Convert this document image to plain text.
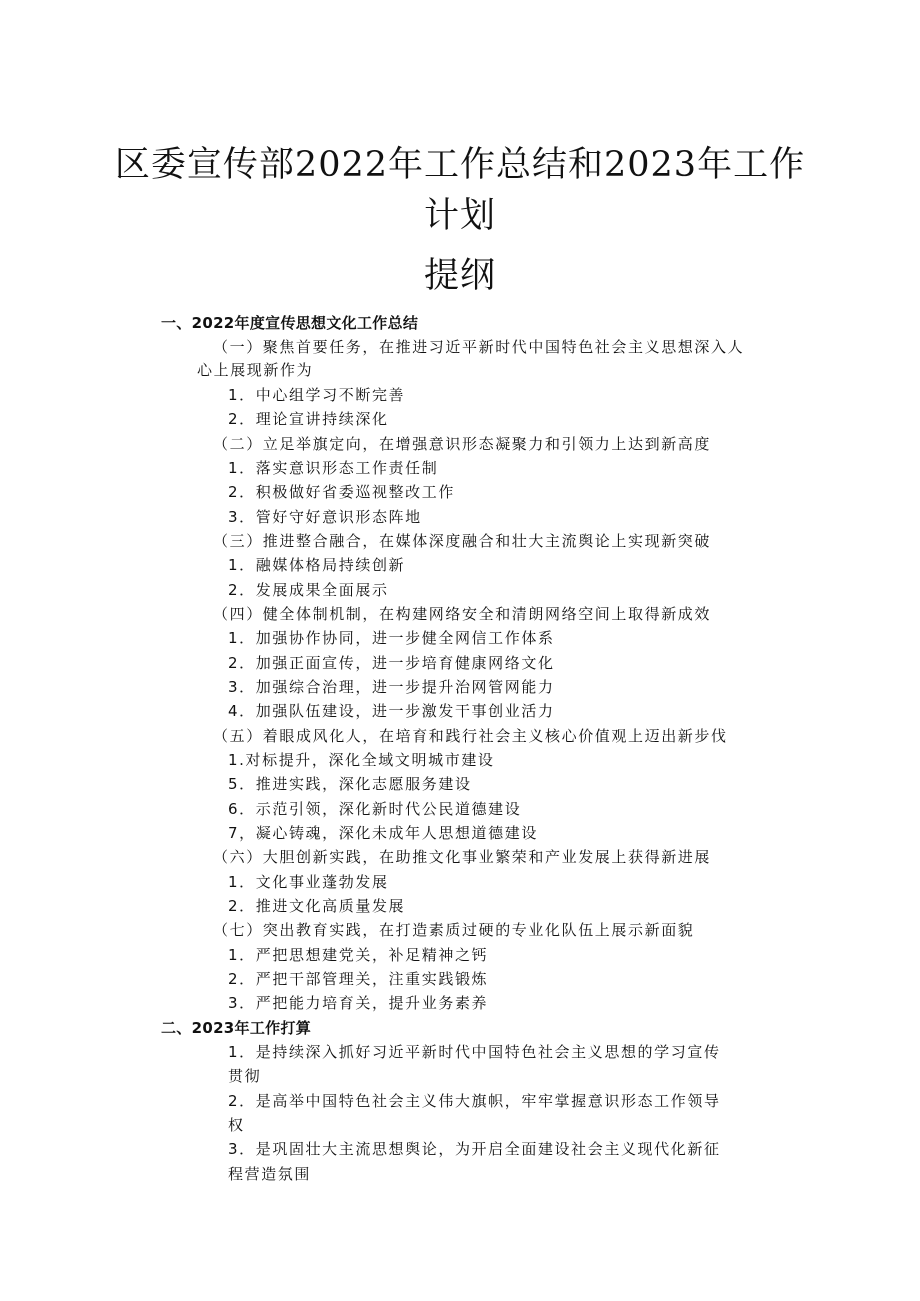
区委宣传部2022年工作总结和2023年工作
计划
提纲
一、2022年度宣传思想文化工作总结
（一）聚焦首要任务，在推进习近平新时代中国特色社会主义思想深入人
心上展现新作为
1．中心组学习不断完善
2．理论宣讲持续深化
（二）立足举旗定向，在增强意识形态凝聚力和引领力上达到新高度
1．落实意识形态工作责任制
2．积极做好省委巡视整改工作
3．管好守好意识形态阵地
（三）推进整合融合，在媒体深度融合和壮大主流舆论上实现新突破
1．融媒体格局持续创新
2．发展成果全面展示
（四）健全体制机制，在构建网络安全和清朗网络空间上取得新成效
1．加强协作协同，进一步健全网信工作体系
2．加强正面宣传，进一步培育健康网络文化
3．加强综合治理，进一步提升治网管网能力
4．加强队伍建设，进一步激发干事创业活力
（五）着眼成风化人，在培育和践行社会主义核心价值观上迈出新步伐
1.对标提升，深化全域文明城市建设
5．推进实践，深化志愿服务建设
6．示范引领，深化新时代公民道德建设
7，凝心铸魂，深化未成年人思想道德建设
（六）大胆创新实践，在助推文化事业繁荣和产业发展上获得新进展
1．文化事业蓬勃发展
2．推进文化高质量发展
（七）突出教育实践，在打造素质过硬的专业化队伍上展示新面貌
1．严把思想建党关，补足精神之钙
2．严把干部管理关，注重实践锻炼
3．严把能力培育关，提升业务素养
二、2023年工作打算
1．是持续深入抓好习近平新时代中国特色社会主义思想的学习宣传
贯彻
2．是高举中国特色社会主义伟大旗帜，牢牢掌握意识形态工作领导
权
3．是巩固壮大主流思想舆论，为开启全面建设社会主义现代化新征
程营造氛围
